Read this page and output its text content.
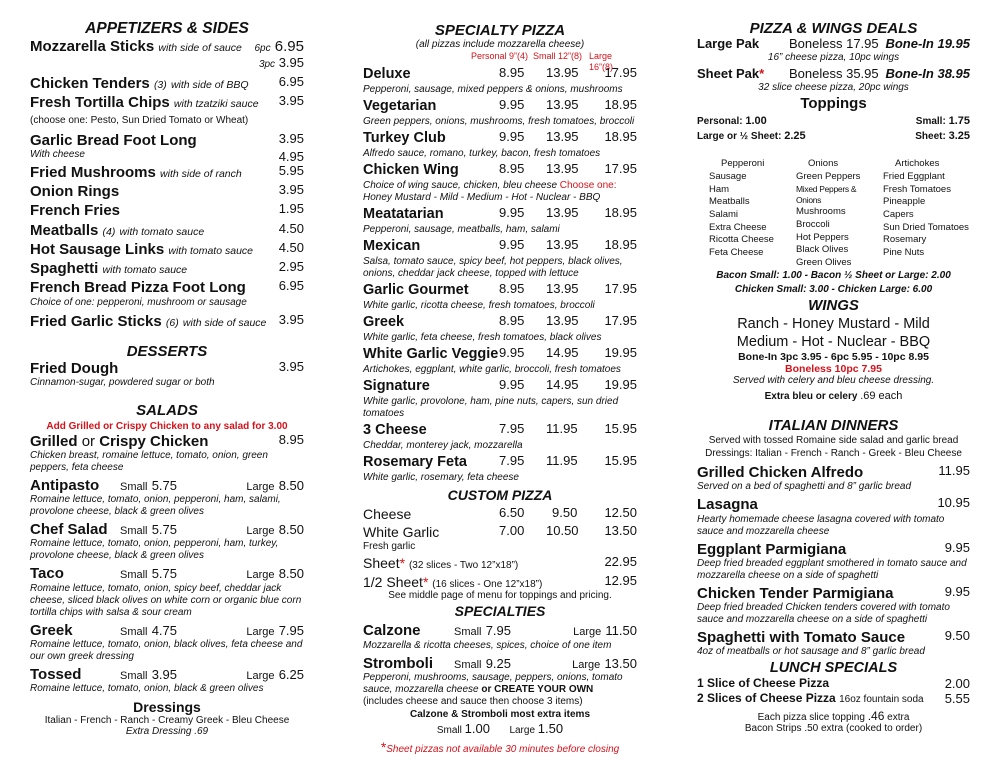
APPETIZERS & SIDES
Mozzarella Sticks with side of sauce 6pc 6.95
3pc 3.95
Chicken Tenders (3) with side of BBQ 6.95
Fresh Tortilla Chips with tzatziki sauce 3.95
(choose one: Pesto, Sun Dried Tomato or Wheat)
Garlic Bread Foot Long	3.95
With cheese	4.95
Fried Mushrooms with side of ranch	5.95
Onion Rings	3.95
French Fries	1.95
Meatballs (4) with tomato sauce	4.50
Hot Sausage Links with tomato sauce 4.50
Spaghetti with tomato sauce	2.95
French Bread Pizza Foot Long	6.95
Choice of one: pepperoni, mushroom or sausage
Fried Garlic Sticks (6) with side of sauce 3.95
DESSERTS
Fried Dough	3.95
Cinnamon-sugar, powdered sugar or both
SALADS
Add Grilled or Crispy Chicken to any salad for 3.00
Grilled or Crispy Chicken	8.95
Chicken breast, romaine lettuce, tomato, onion, green peppers, feta cheese
Antipasto Small 5.75	Large 8.50
Romaine lettuce, tomato, onion, pepperoni, ham, salami, provolone cheese, black & green olives
Chef Salad Small 5.75	Large 8.50
Romaine lettuce, tomato, onion, pepperoni, ham, turkey, provolone cheese, black & green olives
Taco	Small 5.75	Large 8.50
Romaine lettuce, tomato, onion, spicy beef, cheddar jack cheese, sliced black olives on white corn or organic blue corn tortilla chips with salsa & sour cream
Greek	Small 4.75	Large 7.95
Romaine lettuce, tomato, onion, black olives, feta cheese and our own greek dressing
Tossed	Small 3.95	Large 6.25
Romaine lettuce, tomato, onion, black & green olives
Dressings
Italian - French - Ranch - Creamy Greek - Bleu Cheese
Extra Dressing .69
SPECIALTY PIZZA
(all pizzas include mozzarella cheese)
Personal 9”(4) Small 12”(8) Large 16”(8)
Deluxe	8.95 13.95 17.95
Pepperoni, sausage, mixed peppers & onions, mushrooms
Vegetarian	9.95 13.95 18.95
Green peppers, onions, mushrooms, fresh tomatoes, broccoli
Turkey Club	9.95 13.95 18.95
Alfredo sauce, romano, turkey, bacon, fresh tomatoes
Chicken Wing	8.95 13.95 17.95
Choice of wing sauce, chicken, bleu cheese Choose one:
Honey Mustard - Mild - Medium - Hot - Nuclear - BBQ
Meatatarian	9.95 13.95 18.95
Pepperoni, sausage, meatballs, ham, salami
Mexican	9.95 13.95 18.95
Salsa, tomato sauce, spicy beef, hot peppers, black olives, onions, cheddar jack cheese, topped with lettuce
Garlic Gourmet 8.95 13.95 17.95
White garlic, ricotta cheese, fresh tomatoes, broccoli
Greek	8.95 13.95 17.95
White garlic, feta cheese, fresh tomatoes, black olives
White Garlic Veggie 9.95 14.95 19.95
Artichokes, eggplant, white garlic, broccoli, fresh tomatoes
Signature	9.95 14.95 19.95
White garlic, provolone, ham, pine nuts, capers, sun dried tomatoes
3 Cheese	7.95 11.95 15.95
Cheddar, monterey jack, mozzarella
Rosemary Feta 7.95 11.95 15.95
White garlic, rosemary, feta cheese
CUSTOM PIZZA
Cheese	6.50 9.50 12.50
White Garlic	7.00 10.50 13.50
Fresh garlic
Sheet* (32 slices - Two 12”x18”)	22.95
1/2 Sheet* (16 slices - One 12”x18”)	12.95
See middle page of menu for toppings and pricing.
SPECIALTIES
Calzone	Small 7.95	Large 11.50
Mozzarella & ricotta cheeses, spices, choice of one item
Stromboli Small 9.25	Large 13.50
Pepperoni, mushrooms, sausage, peppers, onions, tomato sauce, mozzarella cheese or CREATE YOUR OWN
(includes cheese and sauce then choose 3 items)
Calzone & Stromboli most extra items
Small 1.00 Large 1.50
*Sheet pizzas not available 30 minutes before closing
PIZZA & WINGS DEALS
Large Pak Boneless 17.95 Bone-In 19.95
16” cheese pizza, 10pc wings
Sheet Pak* Boneless 35.95 Bone-In 38.95
32 slice cheese pizza, 20pc wings
Toppings
Personal: 1.00	Small: 1.75
Large or ½ Sheet: 2.25	Sheet: 3.25
Pepperoni
Sausage
Ham
Meatballs
Salami
Extra Cheese
Ricotta Cheese
Feta Cheese
Onions
Green Peppers
Mixed Peppers & Onions
Mushrooms
Broccoli
Hot Peppers
Black Olives
Green Olives
Artichokes
Fried Eggplant
Fresh Tomatoes
Pineapple
Capers
Sun Dried Tomatoes
Rosemary
Pine Nuts
Bacon Small: 1.00 - Bacon ½ Sheet or Large: 2.00
Chicken Small: 3.00 - Chicken Large: 6.00
WINGS
Ranch - Honey Mustard - Mild
Medium - Hot - Nuclear - BBQ
Bone-In 3pc 3.95 - 6pc 5.95 - 10pc 8.95
Boneless 10pc 7.95
Served with celery and bleu cheese dressing.
Extra bleu or celery .69 each
ITALIAN DINNERS
Served with tossed Romaine side salad and garlic bread
Dressings: Italian - French - Ranch - Greek - Bleu Cheese
Grilled Chicken Alfredo	11.95
Served on a bed of spaghetti and 8” garlic bread
Lasagna	10.95
Hearty homemade cheese lasagna covered with tomato sauce and mozzarella cheese
Eggplant Parmigiana	9.95
Deep fried breaded eggplant smothered in tomato sauce and mozzarella cheese on a side of spaghetti
Chicken Tender Parmigiana	9.95
Deep fried breaded Chicken tenders covered with tomato sauce and mozzarella cheese on a side of spaghetti
Spaghetti with Tomato Sauce	9.50
4oz of meatballs or hot sausage and 8” garlic bread
LUNCH SPECIALS
1 Slice of Cheese Pizza	2.00
2 Slices of Cheese Pizza 16oz fountain soda 5.55
Each pizza slice topping .46 extra
Bacon Strips .50 extra (cooked to order)
